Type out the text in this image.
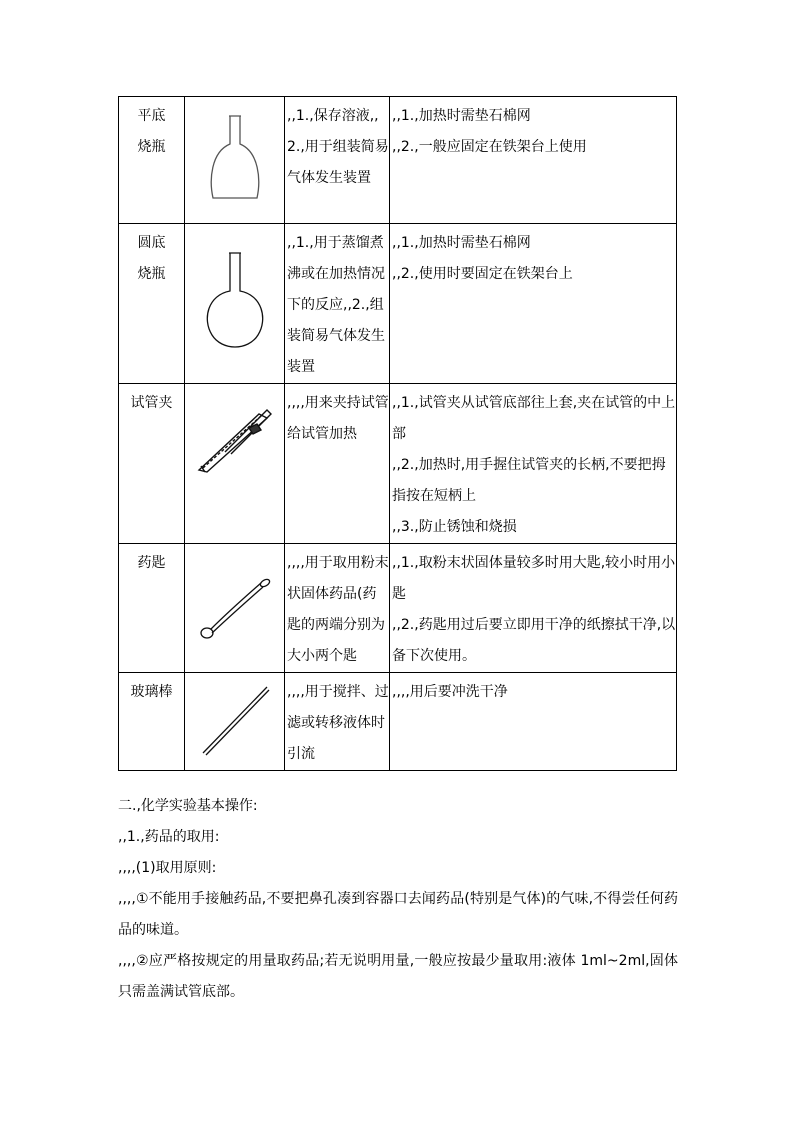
平底
烧瓶		,,1.,保存溶液,,2.,用于组装简易气体发生装置	,,1.,加热时需垫石棉网
,,2.,一般应固定在铁架台上使用

圆底
烧瓶		,,1.,用于蒸馏煮沸或在加热情况下的反应,,2.,组装简易气体发生装置	,,1.,加热时需垫石棉网
,,2.,使用时要固定在铁架台上

试管夹		,,,,用来夹持试管给试管加热	,,1.,试管夹从试管底部往上套,夹在试管的中上部
,,2.,加热时,用手握住试管夹的长柄,不要把拇指按在短柄上
,,3.,防止锈蚀和烧损

药匙		,,,,用于取用粉末状固体药品(药匙的两端分别为大小两个匙	,,1.,取粉末状固体量较多时用大匙,较小时用小匙
,,2.,药匙用过后要立即用干净的纸擦拭干净,以备下次使用。

玻璃棒		,,,,用于搅拌、过滤或转移液体时引流	,,,,用后要冲洗干净

二.,化学实验基本操作:

,,1.,药品的取用:

,,,,(1)取用原则:

,,,,①不能用手接触药品,不要把鼻孔凑到容器口去闻药品(特别是气体)的气味,不得尝任何药品的味道。

,,,,②应严格按规定的用量取药品;若无说明用量,一般应按最少量取用:液体 1ml~2ml,固体只需盖满试管底部。
